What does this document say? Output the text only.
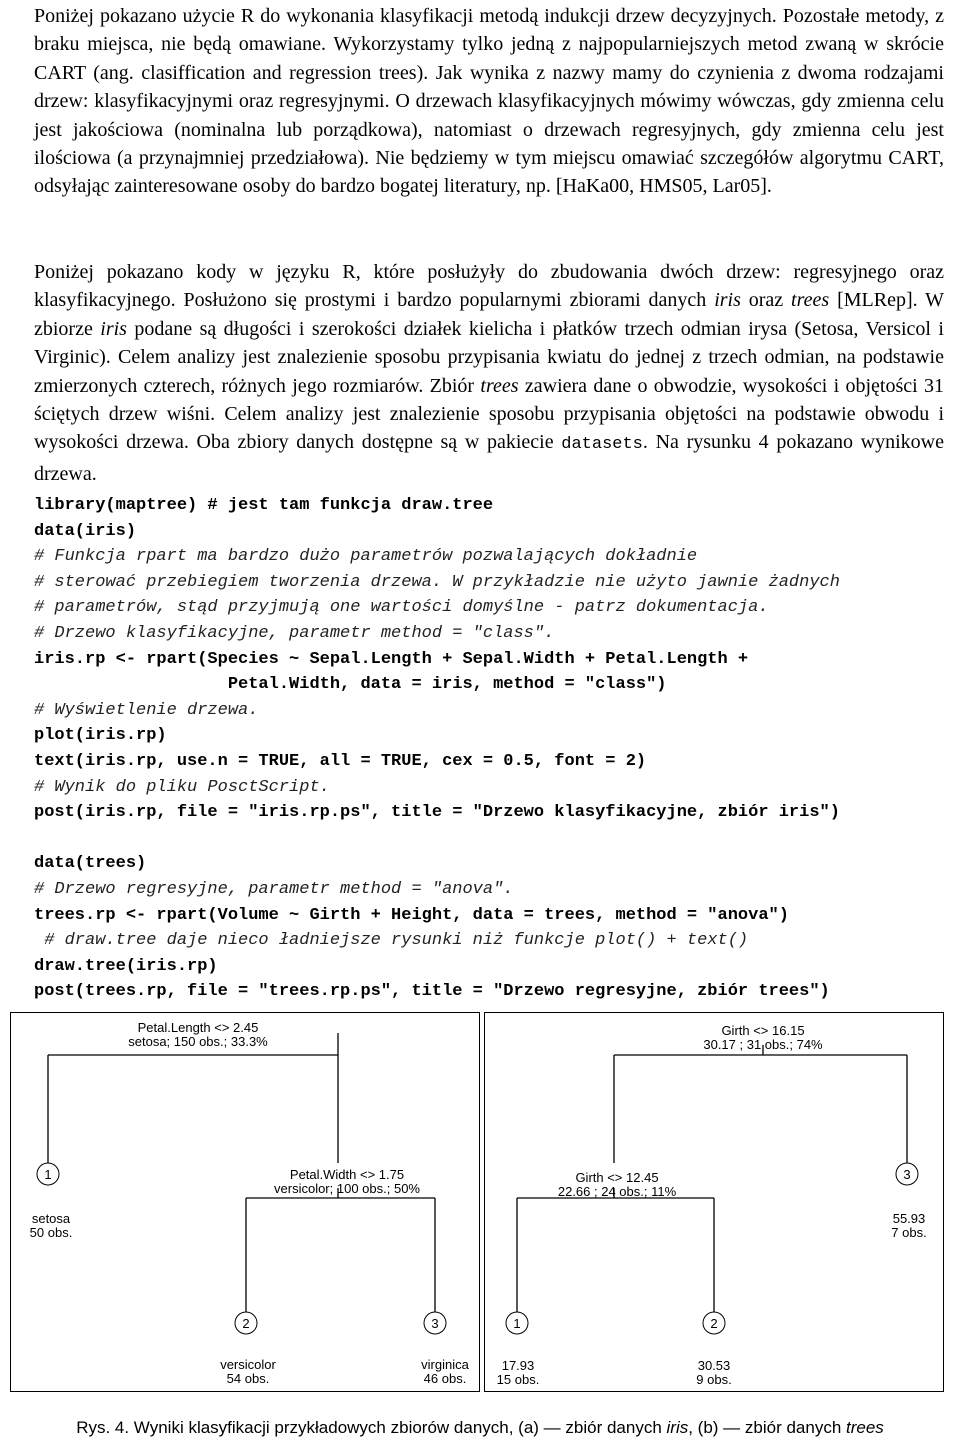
Poniżej pokazano użycie R do wykonania klasyfikacji metodą indukcji drzew decyzyjnych. Pozostałe metody, z braku miejsca, nie będą omawiane. Wykorzystamy tylko jedną z najpopularniejszych metod zwaną w skrócie CART (ang. clasiffication and regression trees). Jak wynika z nazwy mamy do czynienia z dwoma rodzajami drzew: klasyfikacyjnymi oraz regresyjnymi. O drzewach klasyfikacyjnych mówimy wówczas, gdy zmienna celu jest jakościowa (nominalna lub porządkowa), natomiast o drzewach regresyjnych, gdy zmienna celu jest ilościowa (a przynajmniej przedziałowa). Nie będziemy w tym miejscu omawiać szczegółów algorytmu CART, odsyłając zainteresowane osoby do bardzo bogatej literatury, np. [HaKa00, HMS05, Lar05].

Poniżej pokazano kody w języku R, które posłużyły do zbudowania dwóch drzew: regresyjnego oraz klasyfikacyjnego. Posłużono się prostymi i bardzo popularnymi zbiorami danych iris oraz trees [MLRep]. W zbiorze iris podane są długości i szerokości działek kielicha i płatków trzech odmian irysa (Setosa, Versicol i Virginic). Celem analizy jest znalezienie sposobu przypisania kwiatu do jednej z trzech odmian, na podstawie zmierzonych czterech, różnych jego rozmiarów. Zbiór trees zawiera dane o obwodzie, wysokości i objętości 31 ściętych drzew wiśni. Celem analizy jest znalezienie sposobu przypisania objętości na podstawie obwodu i wysokości drzewa. Oba zbiory danych dostępne są w pakiecie datasets. Na rysunku 4 pokazano wynikowe drzewa.

library(maptree) # jest tam funkcja draw.tree
data(iris)
# Funkcja rpart ma bardzo dużo parametrów pozwalających dokładnie
# sterować przebiegiem tworzenia drzewa. W przykładzie nie użyto jawnie żadnych
# parametrów, stąd przyjmują one wartości domyślne - patrz dokumentacja.
# Drzewo klasyfikacyjne, parametr method = "class".
iris.rp <- rpart(Species ~ Sepal.Length + Sepal.Width + Petal.Length +
Petal.Width, data = iris, method = "class")
# Wyświetlenie drzewa.
plot(iris.rp)
text(iris.rp, use.n = TRUE, all = TRUE, cex = 0.5, font = 2)
# Wynik do pliku PosctScript.
post(iris.rp, file = "iris.rp.ps", title = "Drzewo klasyfikacyjne, zbiór iris")
data(trees)
# Drzewo regresyjne, parametr method = "anova".
trees.rp <- rpart(Volume ~ Girth + Height, data = trees, method = "anova")
# draw.tree daje nieco ładniejsze rysunki niż funkcje plot() + text()
draw.tree(iris.rp)
post(trees.rp, file = "trees.rp.ps", title = "Drzewo regresyjne, zbiór trees")
Petal.Length <> 2.45
setosa; 150 obs.; 33.3%
1
setosa
50 obs.
Petal.Width <> 1.75
versicolor; 100 obs.; 50%
2
versicolor
54 obs.
3
virginica
46 obs.
Girth <> 16.15
30.17 ; 31 obs.; 74%
3
55.93
7 obs.
Girth <> 12.45
22.66 ; 24 obs.; 11%
1
17.93
15 obs.
2
30.53
9 obs.
Rys. 4. Wyniki klasyfikacji przykładowych zbiorów danych, (a) — zbiór danych iris, (b) — zbiór danych trees
